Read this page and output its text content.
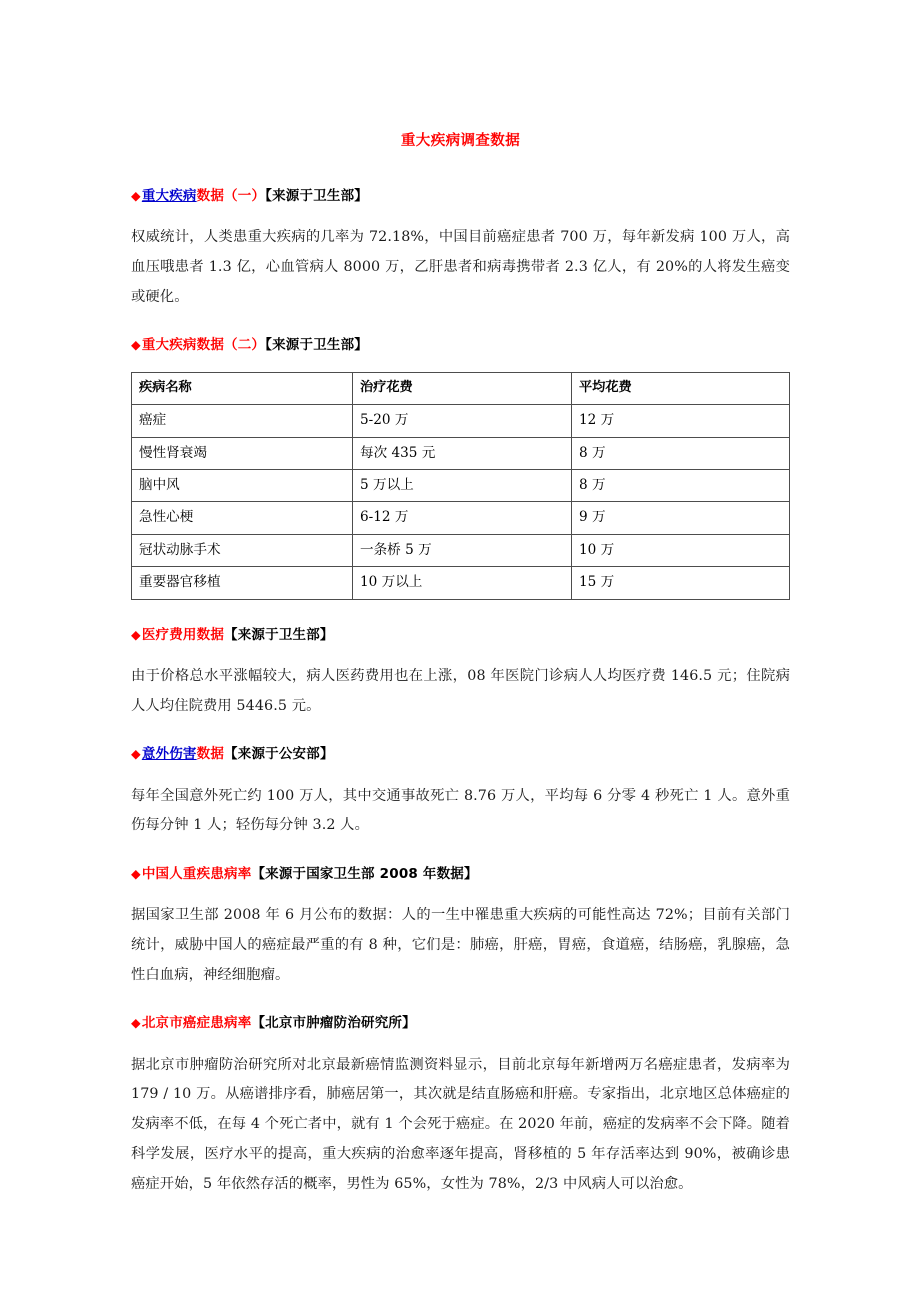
重大疾病调查数据
◆重大疾病数据（一）【来源于卫生部】

权威统计，人类患重大疾病的几率为 72.18%，中国目前癌症患者 700 万，每年新发病 100 万人，高血压哦患者 1.3 亿，心血管病人 8000 万，乙肝患者和病毒携带者 2.3 亿人，有 20%的人将发生癌变或硬化。

◆重大疾病数据（二）【来源于卫生部】
疾病名称	治疗花费	平均花费
癌症	5-20 万	12 万
慢性肾衰竭	每次 435 元	8 万
脑中风	5 万以上	8 万
急性心梗	6-12 万	9 万
冠状动脉手术	一条桥 5 万	10 万
重要器官移植	10 万以上	15 万
◆医疗费用数据【来源于卫生部】

由于价格总水平涨幅较大，病人医药费用也在上涨，08 年医院门诊病人人均医疗费 146.5 元；住院病人人均住院费用 5446.5 元。

◆意外伤害数据【来源于公安部】

每年全国意外死亡约 100 万人，其中交通事故死亡 8.76 万人，平均每 6 分零 4 秒死亡 1 人。意外重伤每分钟 1 人；轻伤每分钟 3.2 人。

◆中国人重疾患病率【来源于国家卫生部 2008 年数据】

据国家卫生部 2008 年 6 月公布的数据：人的一生中罹患重大疾病的可能性高达 72%；目前有关部门统计，威胁中国人的癌症最严重的有 8 种，它们是：肺癌，肝癌，胃癌，食道癌，结肠癌，乳腺癌，急性白血病，神经细胞瘤。

◆北京市癌症患病率【北京市肿瘤防治研究所】

据北京市肿瘤防治研究所对北京最新癌情监测资料显示，目前北京每年新增两万名癌症患者，发病率为 179 / 10 万。从癌谱排序看，肺癌居第一，其次就是结直肠癌和肝癌。专家指出，北京地区总体癌症的发病率不低，在每 4 个死亡者中，就有 1 个会死于癌症。在 2020 年前，癌症的发病率不会下降。随着科学发展，医疗水平的提高，重大疾病的治愈率逐年提高，肾移植的 5 年存活率达到 90%，被确诊患癌症开始，5 年依然存活的概率，男性为 65%，女性为 78%，2/3 中风病人可以治愈。
